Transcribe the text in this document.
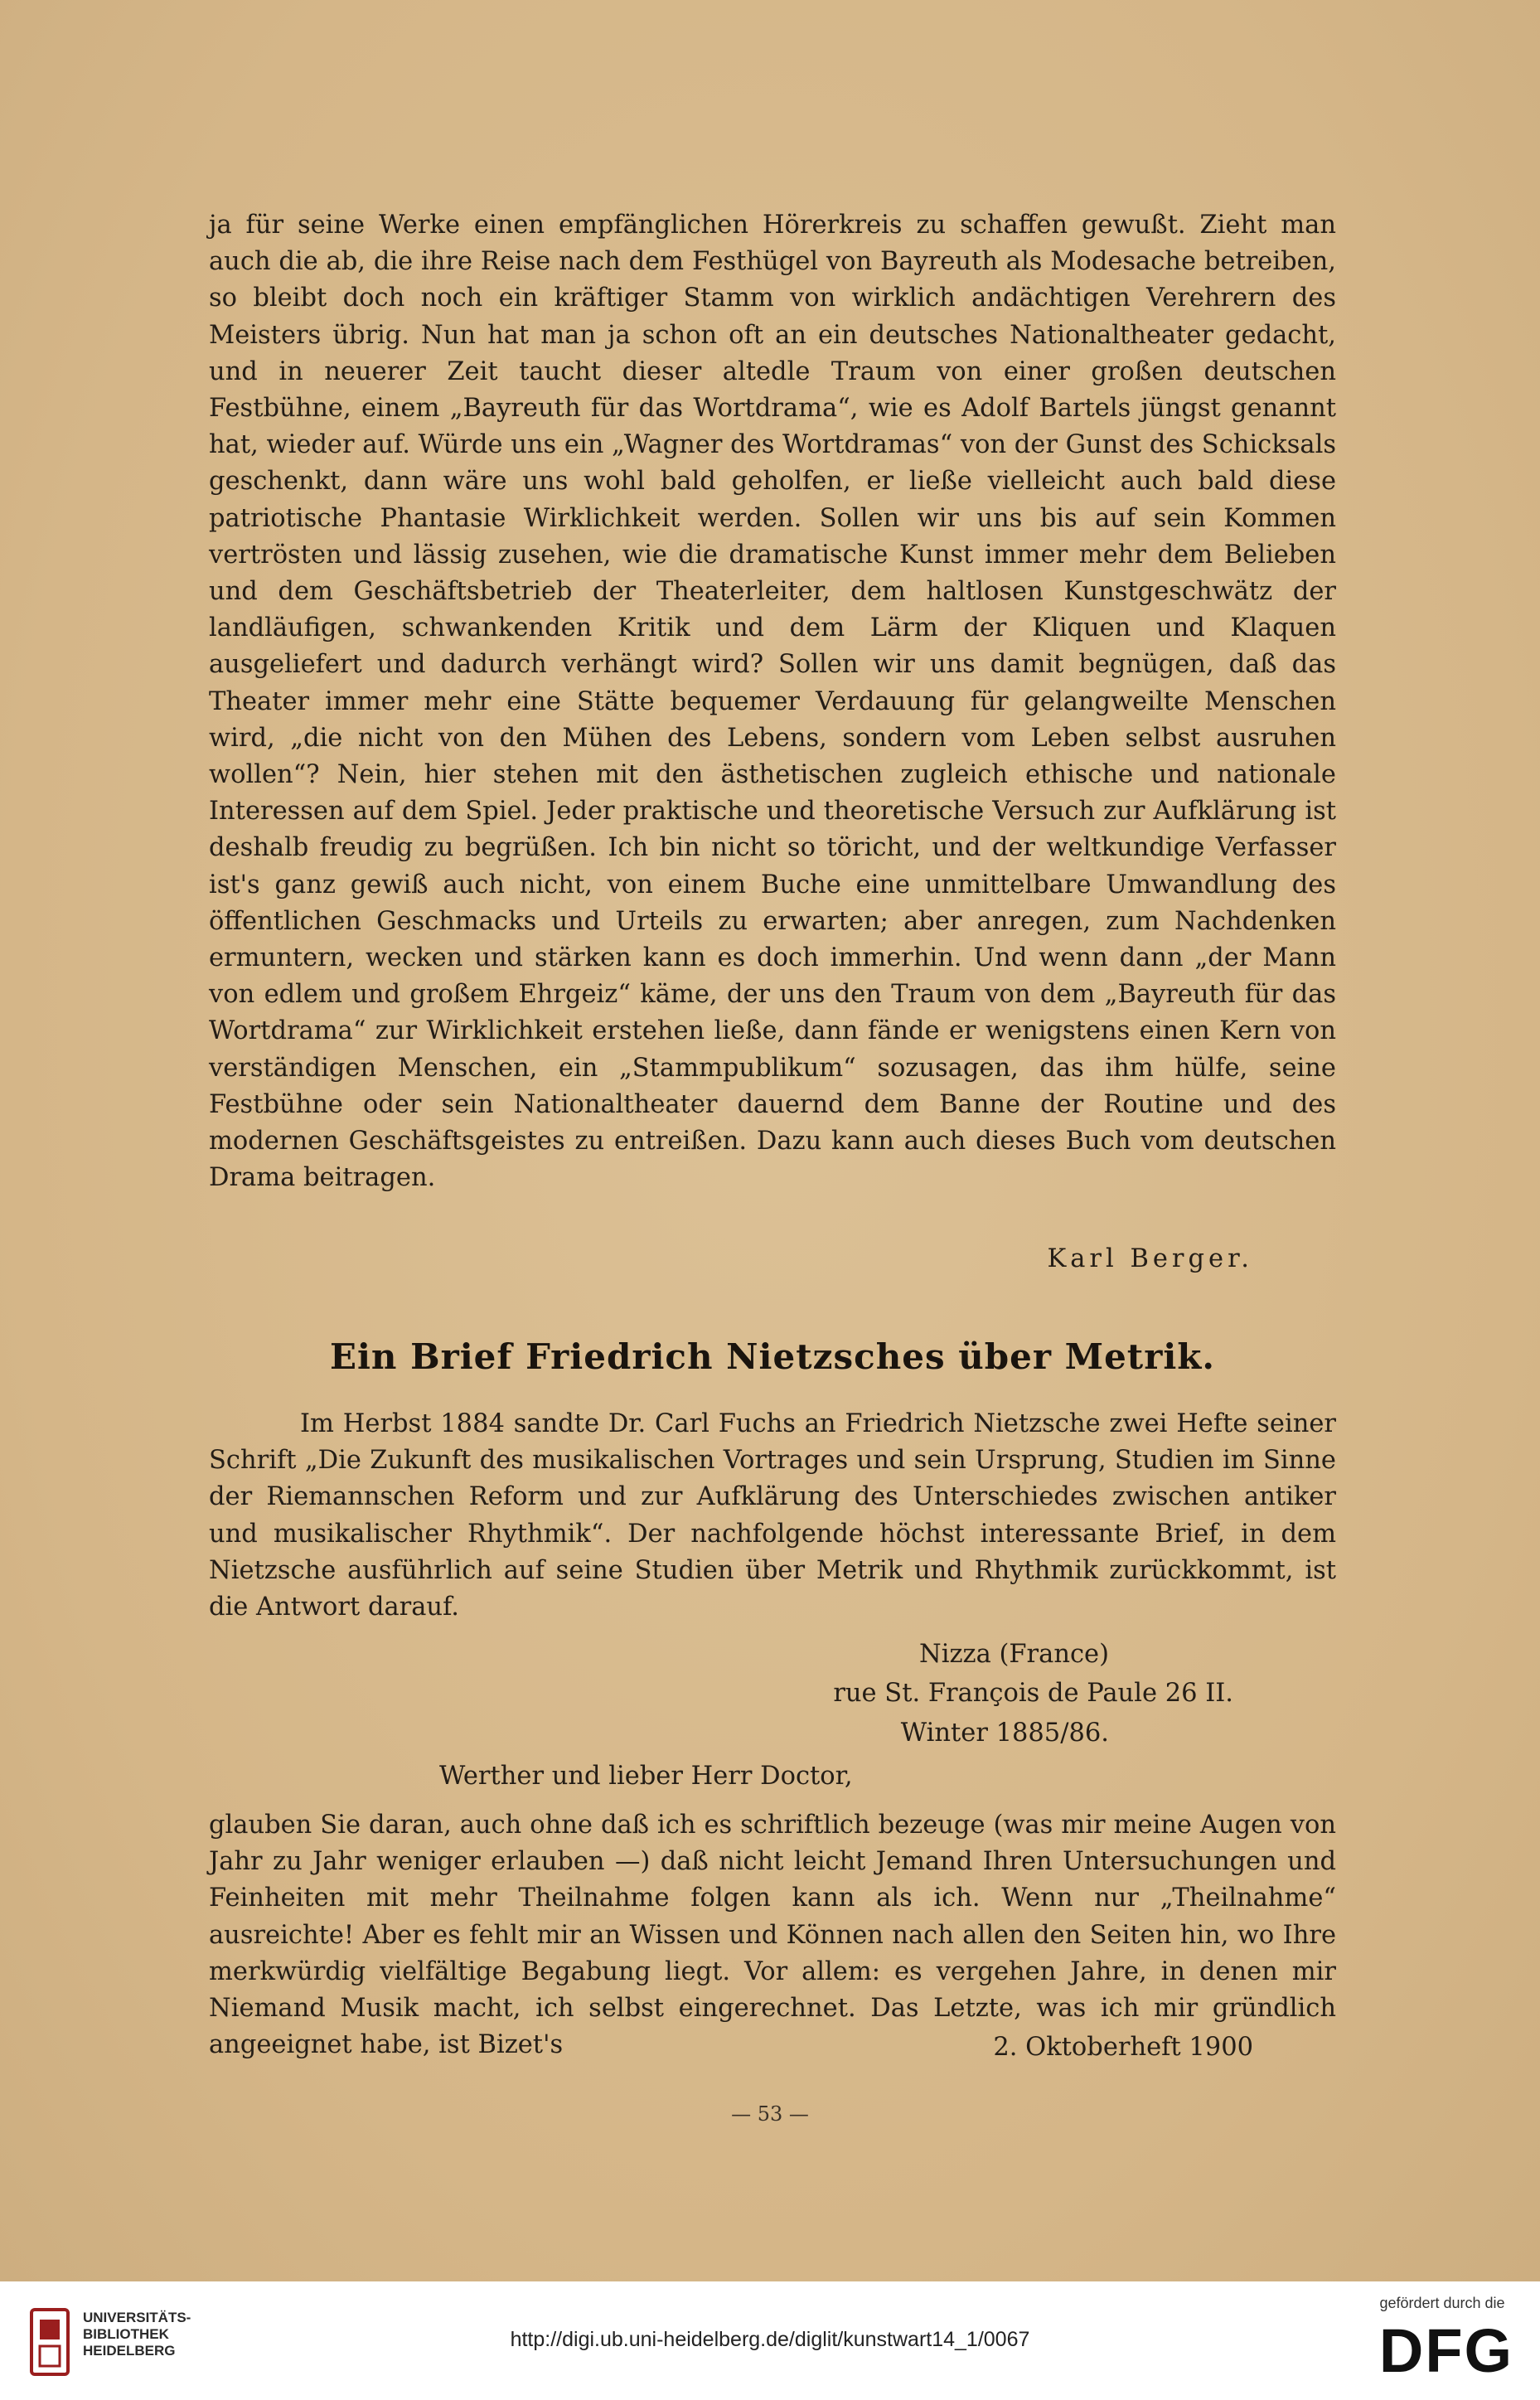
ja für seine Werke einen empfänglichen Hörerkreis zu schaffen gewußt. Zieht man auch die ab, die ihre Reise nach dem Festhügel von Bayreuth als Modesache betreiben, so bleibt doch noch ein kräftiger Stamm von wirklich andächtigen Verehrern des Meisters übrig. Nun hat man ja schon oft an ein deutsches Nationaltheater gedacht, und in neuerer Zeit taucht dieser altedle Traum von einer großen deutschen Festbühne, einem „Bayreuth für das Wortdrama“, wie es Adolf Bartels jüngst genannt hat, wieder auf. Würde uns ein „Wagner des Wortdramas“ von der Gunst des Schicksals geschenkt, dann wäre uns wohl bald geholfen, er ließe vielleicht auch bald diese patriotische Phantasie Wirklichkeit werden. Sollen wir uns bis auf sein Kommen vertrösten und lässig zusehen, wie die dramatische Kunst immer mehr dem Belieben und dem Geschäftsbetrieb der Theaterleiter, dem haltlosen Kunstgeschwätz der landläufigen, schwankenden Kritik und dem Lärm der Kliquen und Klaquen ausgeliefert und dadurch verhängt wird? Sollen wir uns damit begnügen, daß das Theater immer mehr eine Stätte bequemer Verdauung für gelangweilte Menschen wird, „die nicht von den Mühen des Lebens, sondern vom Leben selbst ausruhen wollen“? Nein, hier stehen mit den ästhetischen zugleich ethische und nationale Interessen auf dem Spiel. Jeder praktische und theoretische Versuch zur Aufklärung ist deshalb freudig zu begrüßen. Ich bin nicht so töricht, und der weltkundige Verfasser ist's ganz gewiß auch nicht, von einem Buche eine unmittelbare Umwandlung des öffentlichen Geschmacks und Urteils zu erwarten; aber anregen, zum Nachdenken ermuntern, wecken und stärken kann es doch immerhin. Und wenn dann „der Mann von edlem und großem Ehrgeiz“ käme, der uns den Traum von dem „Bayreuth für das Wortdrama“ zur Wirklichkeit erstehen ließe, dann fände er wenigstens einen Kern von verständigen Menschen, ein „Stammpublikum“ sozusagen, das ihm hülfe, seine Festbühne oder sein Nationaltheater dauernd dem Banne der Routine und des modernen Geschäftsgeistes zu entreißen. Dazu kann auch dieses Buch vom deutschen Drama beitragen.

Karl Berger.
Ein Brief Friedrich Nietzsches über Metrik.

Im Herbst 1884 sandte Dr. Carl Fuchs an Friedrich Nietzsche zwei Hefte seiner Schrift „Die Zukunft des musikalischen Vortrages und sein Ursprung, Studien im Sinne der Riemannschen Reform und zur Aufklärung des Unterschiedes zwischen antiker und musikalischer Rhythmik“. Der nachfolgende höchst interessante Brief, in dem Nietzsche ausführlich auf seine Studien über Metrik und Rhythmik zurückkommt, ist die Antwort darauf.

Nizza (France)
rue St. François de Paule 26 II.
Winter 1885/86.
Werther und lieber Herr Doctor,

glauben Sie daran, auch ohne daß ich es schriftlich bezeuge (was mir meine Augen von Jahr zu Jahr weniger erlauben —) daß nicht leicht Jemand Ihren Untersuchungen und Feinheiten mit mehr Theilnahme folgen kann als ich. Wenn nur „Theilnahme“ ausreichte! Aber es fehlt mir an Wissen und Können nach allen den Seiten hin, wo Ihre merkwürdig vielfältige Begabung liegt. Vor allem: es vergehen Jahre, in denen mir Niemand Musik macht, ich selbst eingerechnet. Das Letzte, was ich mir gründlich angeeignet habe, ist Bizet's	2. Oktoberheft 1900
— 53 —
UNIVERSITÄTS-
BIBLIOTHEK
HEIDELBERG	http://digi.ub.uni-heidelberg.de/diglit/kunstwart14_1/0067
gefördert durch die
DFG
